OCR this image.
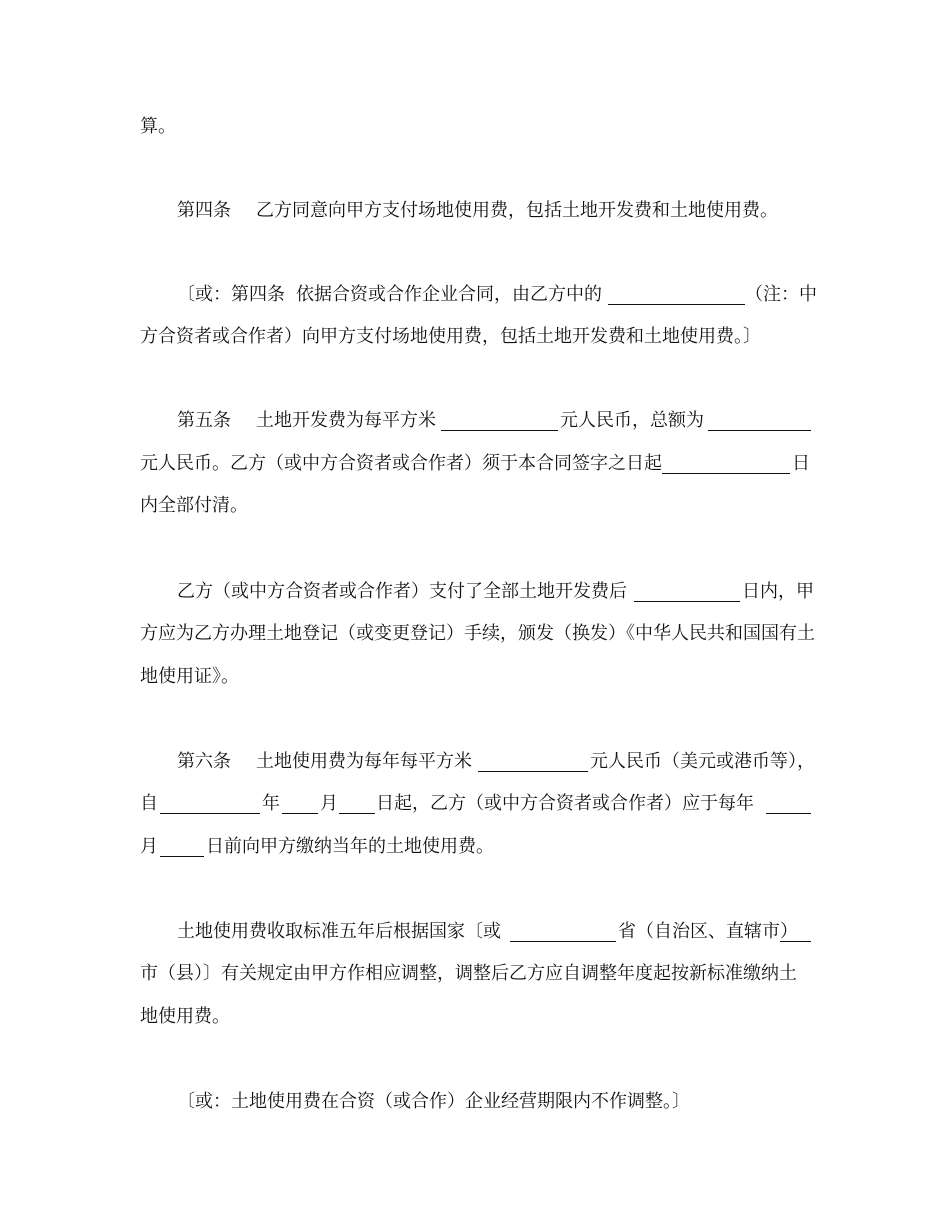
算。
第四条 乙方同意向甲方支付场地使用费，包括土地开发费和土地使用费。
〔或：第四条 依据合资或合作企业合同，由乙方中的	（注：中
方合资者或合作者）向甲方支付场地使用费，包括土地开发费和土地使用费。〕
第五条 土地开发费为每平方米	元人民币，总额为
元人民币。乙方（或中方合资者或合作者）须于本合同签字之日起	日
内全部付清。
乙方（或中方合资者或合作者）支付了全部土地开发费后	日内，甲
方应为乙方办理土地登记（或变更登记）手续，颁发（换发）《中华人民共和国国有土
地使用证》。
第六条 土地使用费为每年每平方米	元人民币（美元或港币等），
自	年 月 日起，乙方（或中方合资者或合作者）应于每年
月	日前向甲方缴纳当年的土地使用费。
土地使用费收取标准五年后根据国家〔或	省（自治区、直辖市）
市（县）〕有关规定由甲方作相应调整，调整后乙方应自调整年度起按新标准缴纳土
地使用费。
〔或：土地使用费在合资（或合作）企业经营期限内不作调整。〕
